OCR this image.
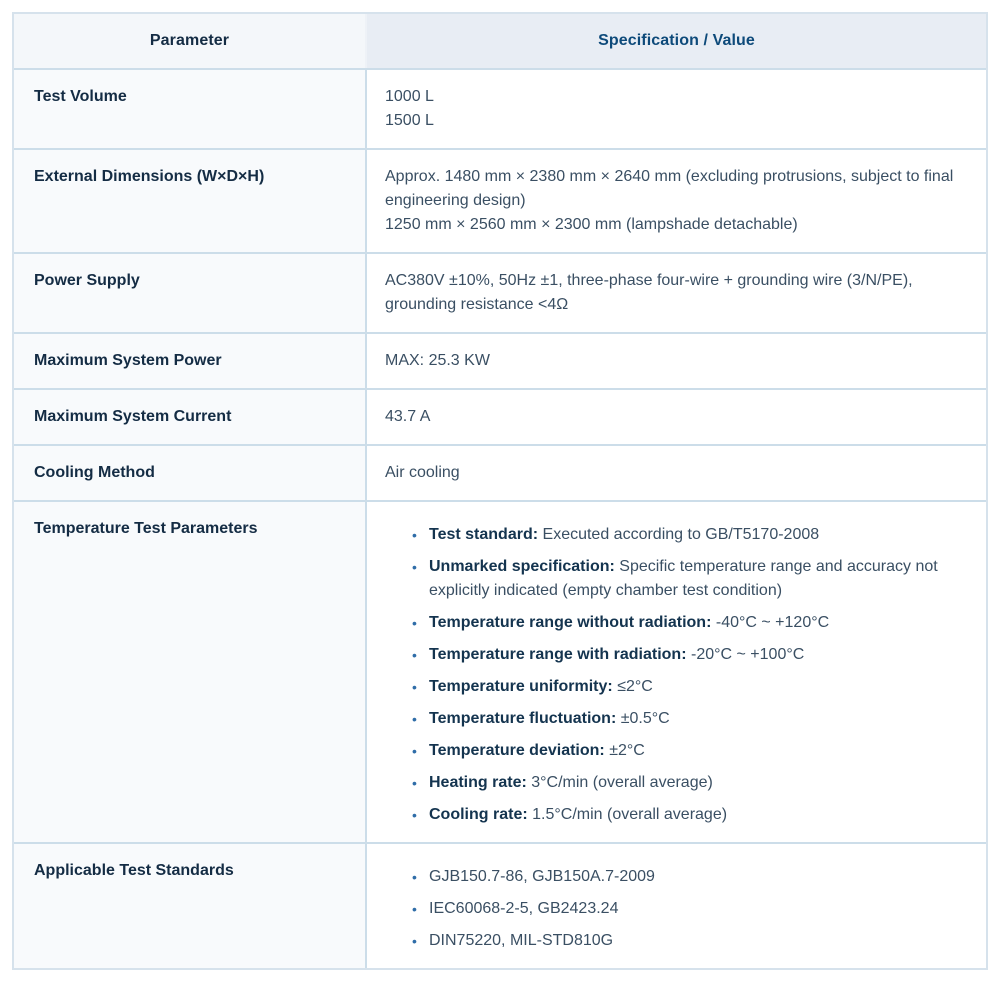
Parameter	Specification / Value
Test Volume	1000 L
1500 L
External Dimensions (W×D×H)	Approx. 1480 mm × 2380 mm × 2640 mm (excluding protrusions, subject to final engineering design)
1250 mm × 2560 mm × 2300 mm (lampshade detachable)
Power Supply	AC380V ±10%, 50Hz ±1, three-phase four-wire + grounding wire (3/N/PE), grounding resistance <4Ω
Maximum System Power	MAX: 25.3 KW
Maximum System Current	43.7 A
Cooling Method	Air cooling
Temperature Test Parameters	• Test standard: Executed according to GB/T5170-2008
• Unmarked specification: Specific temperature range and accuracy not explicitly indicated (empty chamber test condition)
• Temperature range without radiation: -40°C ~ +120°C
• Temperature range with radiation: -20°C ~ +100°C
• Temperature uniformity: ≤2°C
• Temperature fluctuation: ±0.5°C
• Temperature deviation: ±2°C
• Heating rate: 3°C/min (overall average)
• Cooling rate: 1.5°C/min (overall average)
Applicable Test Standards	• GJB150.7-86, GJB150A.7-2009
• IEC60068-2-5, GB2423.24
• DIN75220, MIL-STD810G
